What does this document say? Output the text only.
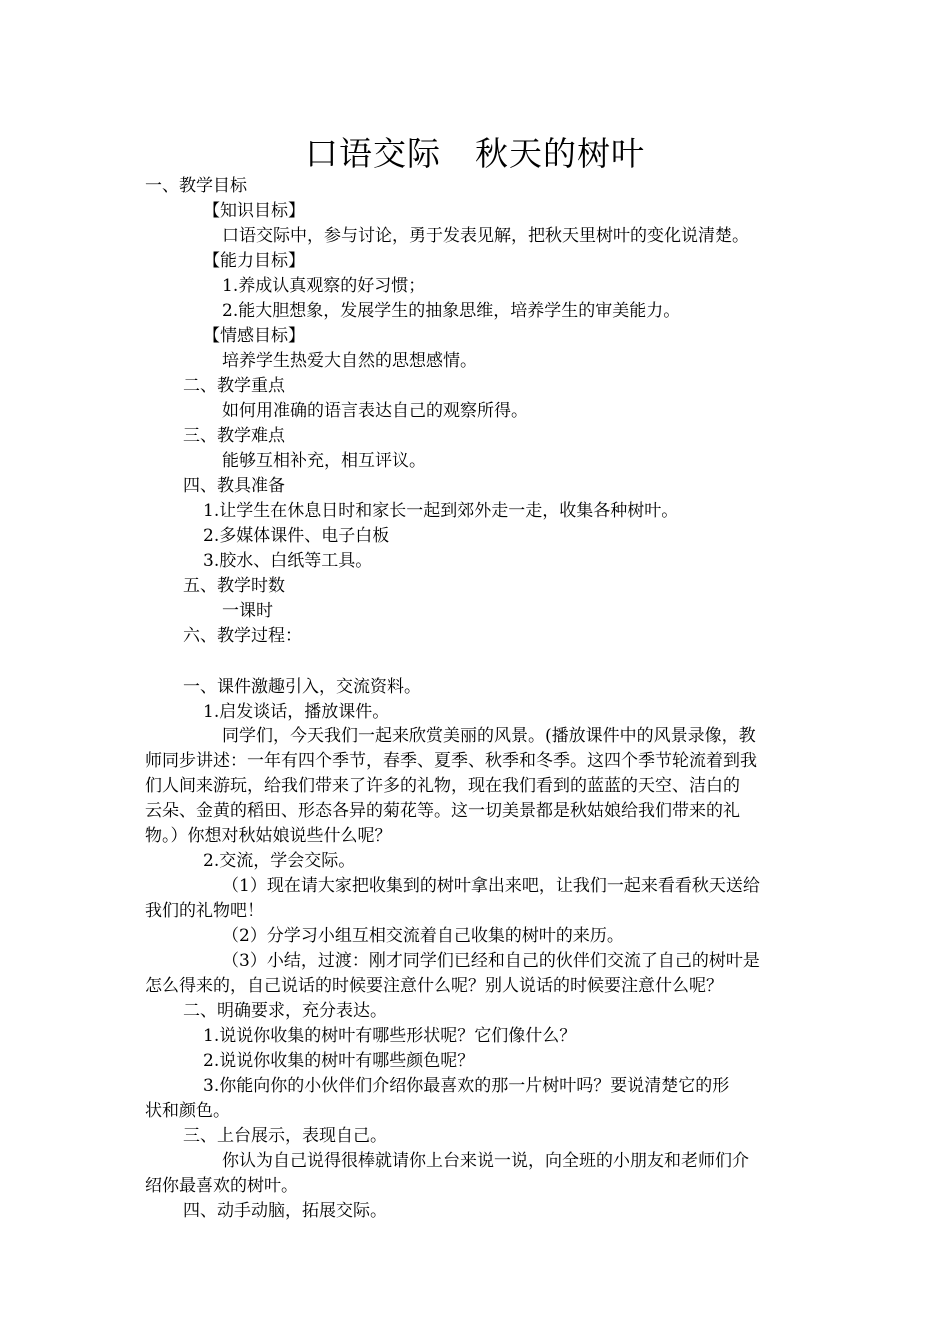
口语交际　秋天的树叶
一、教学目标
【知识目标】
口语交际中，参与讨论，勇于发表见解，把秋天里树叶的变化说清楚。
【能力目标】
1.养成认真观察的好习惯；
2.能大胆想象，发展学生的抽象思维，培养学生的审美能力。
【情感目标】
培养学生热爱大自然的思想感情。
二、教学重点
如何用准确的语言表达自己的观察所得。
三、教学难点
能够互相补充，相互评议。
四、教具准备
1.让学生在休息日时和家长一起到郊外走一走，收集各种树叶。
2.多媒体课件、电子白板
3.胶水、白纸等工具。
五、教学时数
一课时
六、教学过程：
一、课件激趣引入，交流资料。
1.启发谈话，播放课件。
同学们，今天我们一起来欣赏美丽的风景。(播放课件中的风景录像，教
师同步讲述：一年有四个季节，春季、夏季、秋季和冬季。这四个季节轮流着到我
们人间来游玩，给我们带来了许多的礼物，现在我们看到的蓝蓝的天空、洁白的
云朵、金黄的稻田、形态各异的菊花等。这一切美景都是秋姑娘给我们带来的礼
物。）你想对秋姑娘说些什么呢？
2.交流，学会交际。
（1）现在请大家把收集到的树叶拿出来吧，让我们一起来看看秋天送给
我们的礼物吧！
（2）分学习小组互相交流着自己收集的树叶的来历。
（3）小结，过渡：刚才同学们已经和自己的伙伴们交流了自己的树叶是
怎么得来的，自己说话的时候要注意什么呢？别人说话的时候要注意什么呢？
二、明确要求，充分表达。
1.说说你收集的树叶有哪些形状呢？它们像什么？
2.说说你收集的树叶有哪些颜色呢？
3.你能向你的小伙伴们介绍你最喜欢的那一片树叶吗？要说清楚它的形
状和颜色。
三、上台展示，表现自己。
你认为自己说得很棒就请你上台来说一说，向全班的小朋友和老师们介
绍你最喜欢的树叶。
四、动手动脑，拓展交际。
